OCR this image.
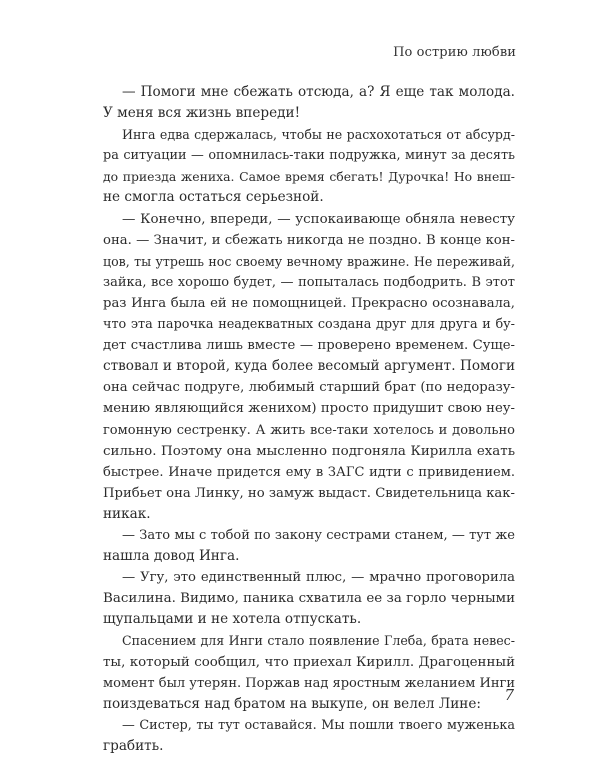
По острию любви
— Помоги мне сбежать отсюда, а? Я еще так молода.
У меня вся жизнь впереди!
Инга едва сдержалась, чтобы не расхохотаться от абсурд-
ра ситуации — опомнилась-таки подружка, минут за десять
до приезда жениха. Самое время сбегать! Дурочка! Но внеш-
не смогла остаться серьезной.
— Конечно, впереди, — успокаивающе обняла невесту
она. — Значит, и сбежать никогда не поздно. В конце кон-
цов, ты утрешь нос своему вечному вражине. Не переживай,
зайка, все хорошо будет, — попыталась подбодрить. В этот
раз Инга была ей не помощницей. Прекрасно осознавала,
что эта парочка неадекватных создана друг для друга и бу-
дет счастлива лишь вместе — проверено временем. Суще-
ствовал и второй, куда более весомый аргумент. Помоги
она сейчас подруге, любимый старший брат (по недоразу-
мению являющийся женихом) просто придушит свою неу-
гомонную сестренку. А жить все-таки хотелось и довольно
сильно. Поэтому она мысленно подгоняла Кирилла ехать
быстрее. Иначе придется ему в ЗАГС идти с привидением.
Прибьет она Линку, но замуж выдаст. Свидетельница как-
никак.
— Зато мы с тобой по закону сестрами станем, — тут же
нашла довод Инга.
— Угу, это единственный плюс, — мрачно проговорила
Василина. Видимо, паника схватила ее за горло черными
щупальцами и не хотела отпускать.
Спасением для Инги стало появление Глеба, брата невес-
ты, который сообщил, что приехал Кирилл. Драгоценный
момент был утерян. Поржав над яростным желанием Инги
поиздеваться над братом на выкупе, он велел Лине:
— Систер, ты тут оставайся. Мы пошли твоего муженька
грабить.
7
